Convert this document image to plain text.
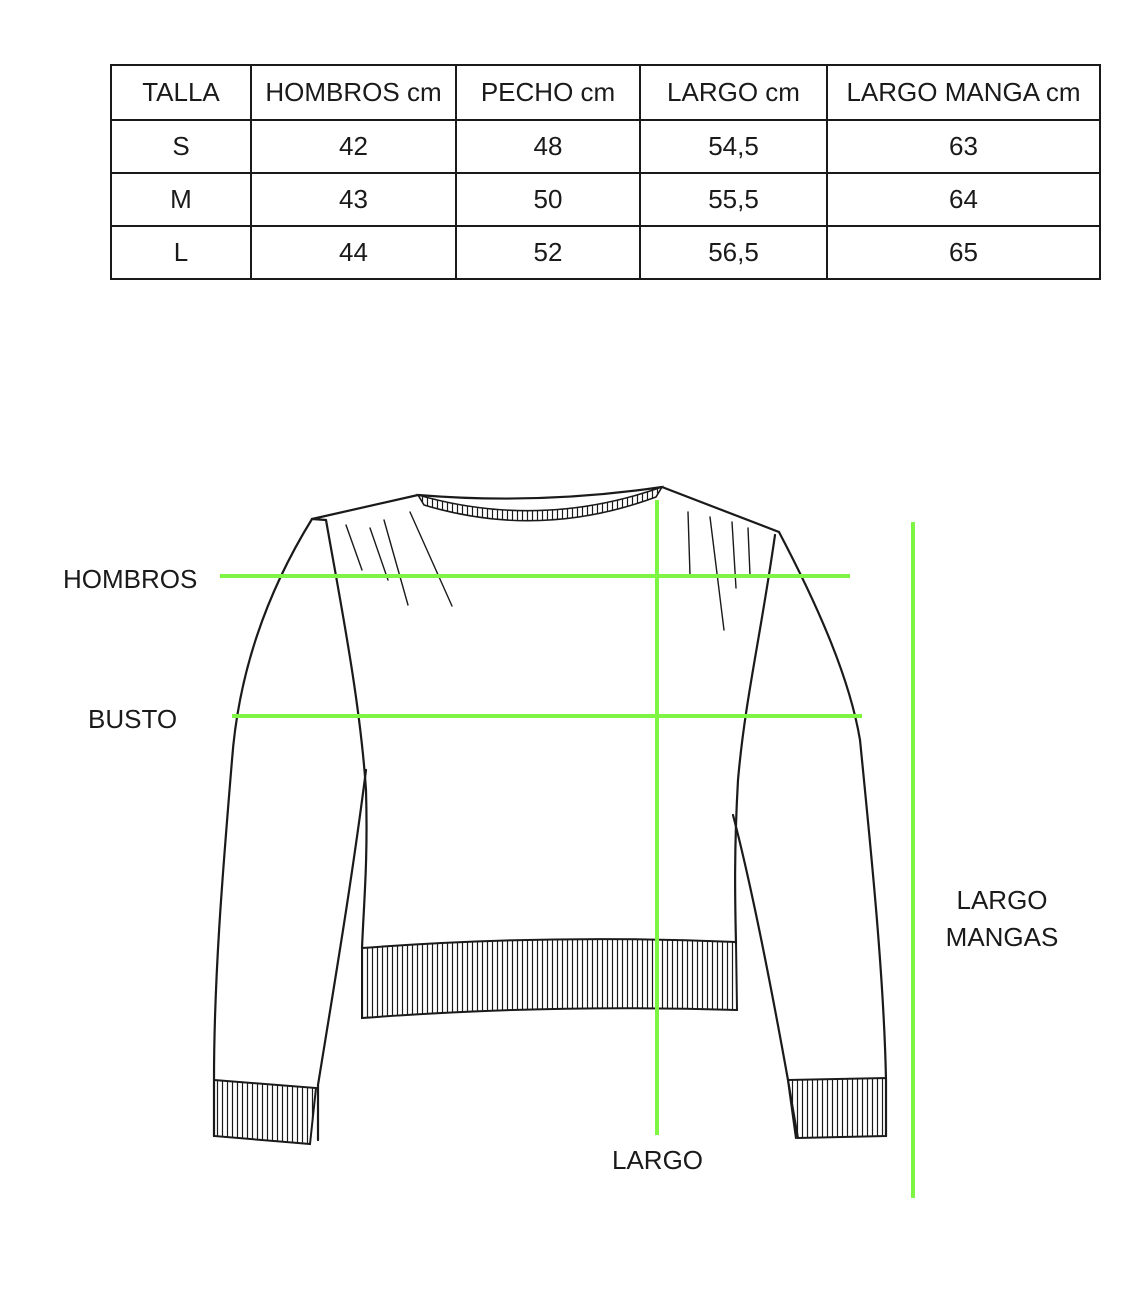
TALLA	HOMBROS cm	PECHO cm	LARGO cm	LARGO MANGA cm
S	42	48	54,5	63
M	43	50	55,5	64
L	44	52	56,5	65
HOMBROS
BUSTO
LARGO
LARGO
MANGAS
